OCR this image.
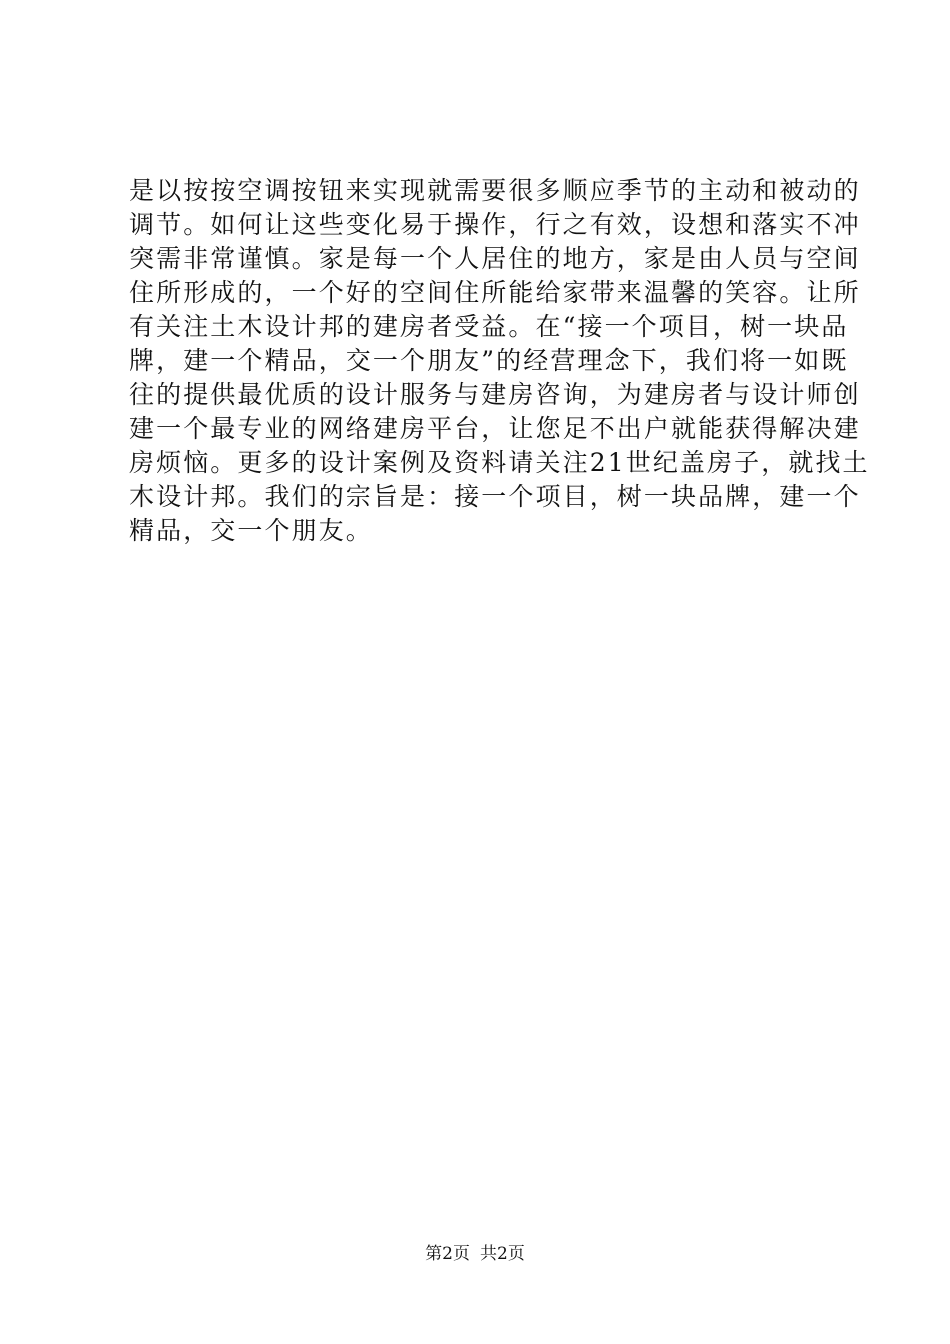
是以按按空调按钮来实现就需要很多顺应季节的主动和被动的
调节。如何让这些变化易于操作，行之有效，设想和落实不冲
突需非常谨慎。家是每一个人居住的地方，家是由人员与空间
住所形成的，一个好的空间住所能给家带来温馨的笑容。让所
有关注土木设计邦的建房者受益。在“接一个项目，树一块品
牌，建一个精品，交一个朋友”的经营理念下，我们将一如既
往的提供最优质的设计服务与建房咨询，为建房者与设计师创
建一个最专业的网络建房平台，让您足不出户就能获得解决建
房烦恼。更多的设计案例及资料请关注21世纪盖房子，就找土
木设计邦。我们的宗旨是：接一个项目，树一块品牌，建一个
精品，交一个朋友。
第2页 共2页
